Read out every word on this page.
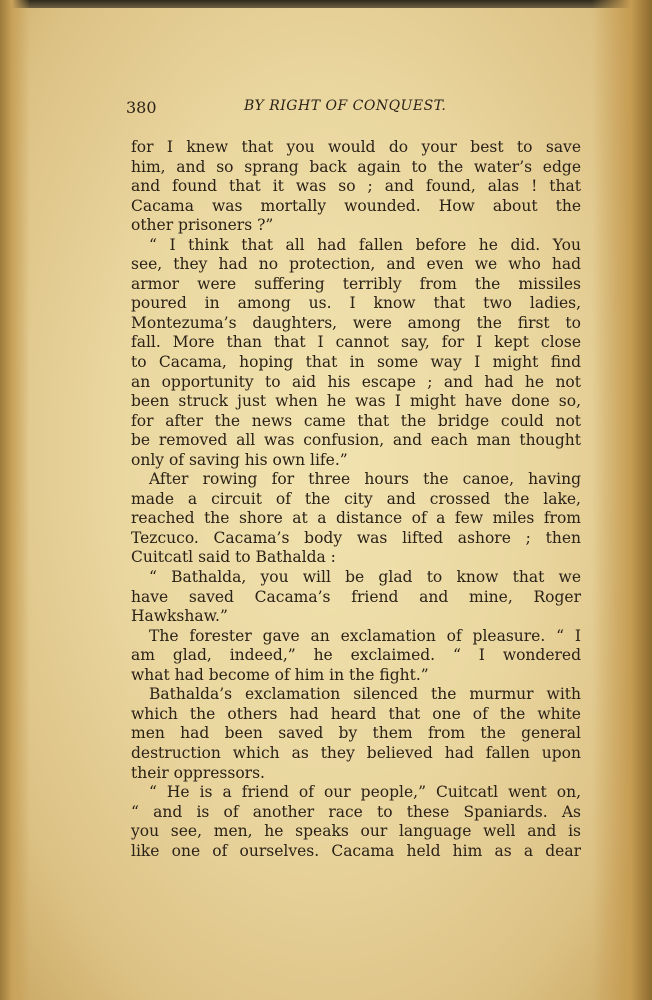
380	BY RIGHT OF CONQUEST.
for I knew that you would do your best to save
him, and so sprang back again to the water’s edge
and found that it was so ; and found, alas ! that
Cacama was mortally wounded. How about the
other prisoners ?”
“ I think that all had fallen before he did. You
see, they had no protection, and even we who had
armor were suffering terribly from the missiles
poured in among us. I know that two ladies,
Montezuma’s daughters, were among the first to
fall. More than that I cannot say, for I kept close
to Cacama, hoping that in some way I might find
an opportunity to aid his escape ; and had he not
been struck just when he was I might have done so,
for after the news came that the bridge could not
be removed all was confusion, and each man thought
only of saving his own life.”
After rowing for three hours the canoe, having
made a circuit of the city and crossed the lake,
reached the shore at a distance of a few miles from
Tezcuco. Cacama’s body was lifted ashore ; then
Cuitcatl said to Bathalda :
“ Bathalda, you will be glad to know that we
have saved Cacama’s friend and mine, Roger
Hawkshaw.”
The forester gave an exclamation of pleasure. “ I
am glad, indeed,” he exclaimed. “ I wondered
what had become of him in the fight.”
Bathalda’s exclamation silenced the murmur with
which the others had heard that one of the white
men had been saved by them from the general
destruction which as they believed had fallen upon
their oppressors.
“ He is a friend of our people,” Cuitcatl went on,
“ and is of another race to these Spaniards. As
you see, men, he speaks our language well and is
like one of ourselves. Cacama held him as a dear
